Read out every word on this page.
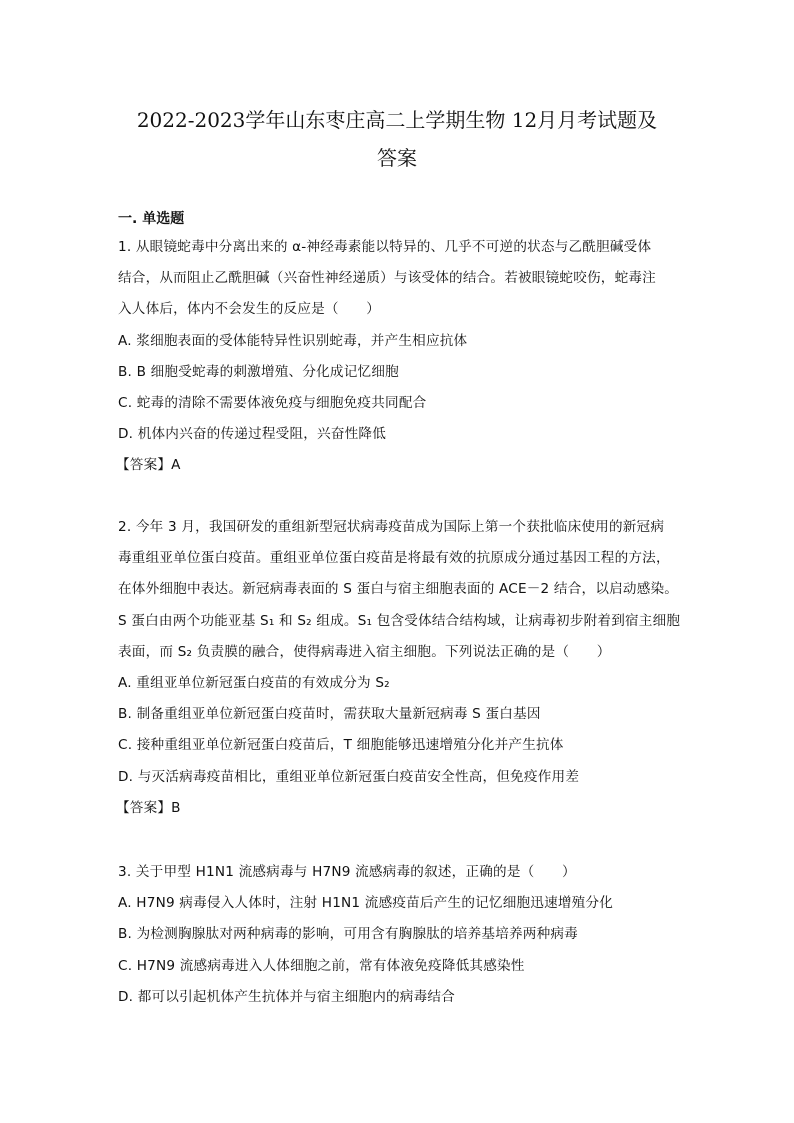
2022-2023学年山东枣庄高二上学期生物 12月月考试题及
答案
一. 单选题
1. 从眼镜蛇毒中分离出来的 α-神经毒素能以特异的、几乎不可逆的状态与乙酰胆碱受体
结合，从而阻止乙酰胆碱（兴奋性神经递质）与该受体的结合。若被眼镜蛇咬伤，蛇毒注
入人体后，体内不会发生的反应是（　　）
A. 浆细胞表面的受体能特异性识别蛇毒，并产生相应抗体
B. B 细胞受蛇毒的刺激增殖、分化成记忆细胞
C. 蛇毒的清除不需要体液免疫与细胞免疫共同配合
D. 机体内兴奋的传递过程受阻，兴奋性降低
【答案】A
2. 今年 3 月，我国研发的重组新型冠状病毒疫苗成为国际上第一个获批临床使用的新冠病
毒重组亚单位蛋白疫苗。重组亚单位蛋白疫苗是将最有效的抗原成分通过基因工程的方法，
在体外细胞中表达。新冠病毒表面的 S 蛋白与宿主细胞表面的 ACE－2 结合，以启动感染。
S 蛋白由两个功能亚基 S₁ 和 S₂ 组成。S₁ 包含受体结合结构域，让病毒初步附着到宿主细胞
表面，而 S₂ 负责膜的融合，使得病毒进入宿主细胞。下列说法正确的是（　　）
A. 重组亚单位新冠蛋白疫苗的有效成分为 S₂
B. 制备重组亚单位新冠蛋白疫苗时，需获取大量新冠病毒 S 蛋白基因
C. 接种重组亚单位新冠蛋白疫苗后，T 细胞能够迅速增殖分化并产生抗体
D. 与灭活病毒疫苗相比，重组亚单位新冠蛋白疫苗安全性高，但免疫作用差
【答案】B
3. 关于甲型 H1N1 流感病毒与 H7N9 流感病毒的叙述，正确的是（　　）
A. H7N9 病毒侵入人体时，注射 H1N1 流感疫苗后产生的记忆细胞迅速增殖分化
B. 为检测胸腺肽对两种病毒的影响，可用含有胸腺肽的培养基培养两种病毒
C. H7N9 流感病毒进入人体细胞之前，常有体液免疫降低其感染性
D. 都可以引起机体产生抗体并与宿主细胞内的病毒结合
